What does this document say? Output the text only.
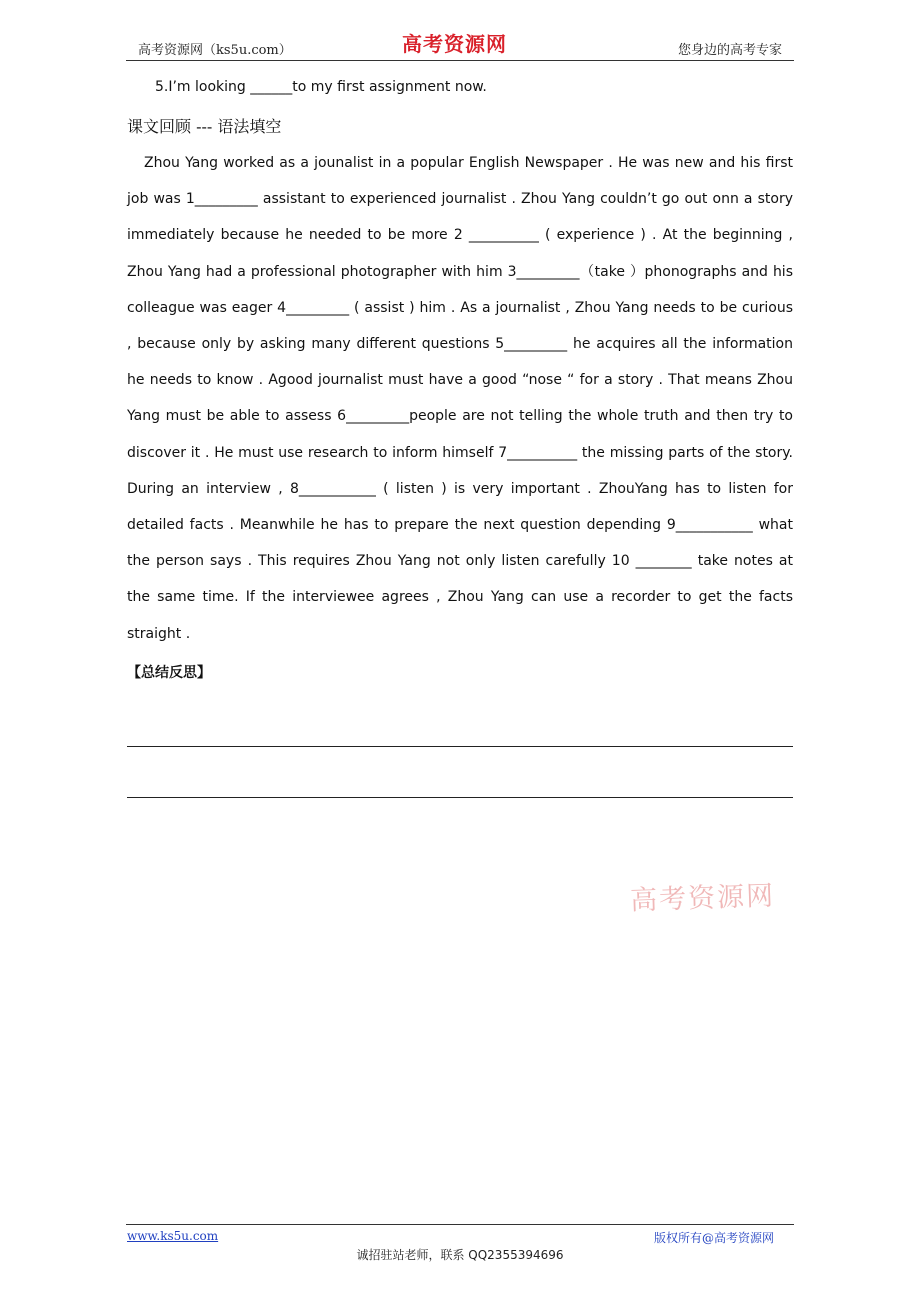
高考资源网（ks5u.com）	高考资源网	您身边的高考专家
5.I’m looking ______to my first assignment now.
课文回顾 --- 语法填空

Zhou Yang worked as a jounalist in a popular English Newspaper . He was new and his first job was 1_________ assistant to experienced journalist . Zhou Yang couldn’t go out onn a story immediately because he needed to be more 2 __________ ( experience ) . At the beginning , Zhou Yang had a professional photographer with him 3_________（take ）phonographs and his colleague was eager 4_________ ( assist ) him . As a journalist , Zhou Yang needs to be curious , because only by asking many different questions 5_________ he acquires all the information he needs to know . Agood journalist must have a good “nose “ for a story . That means Zhou Yang must be able to assess 6_________people are not telling the whole truth and then try to discover it . He must use research to inform himself 7__________ the missing parts of the story. During an interview , 8___________ ( listen ) is very important . ZhouYang has to listen for detailed facts . Meanwhile he has to prepare the next question depending 9___________ what the person says . This requires Zhou Yang not only listen carefully 10 ________ take notes at the same time. If the interviewee agrees , Zhou Yang can use a recorder to get the facts straight .

【总结反思】
高考资源网
www.ks5u.com	版权所有@高考资源网
诚招驻站老师，联系 QQ2355394696
